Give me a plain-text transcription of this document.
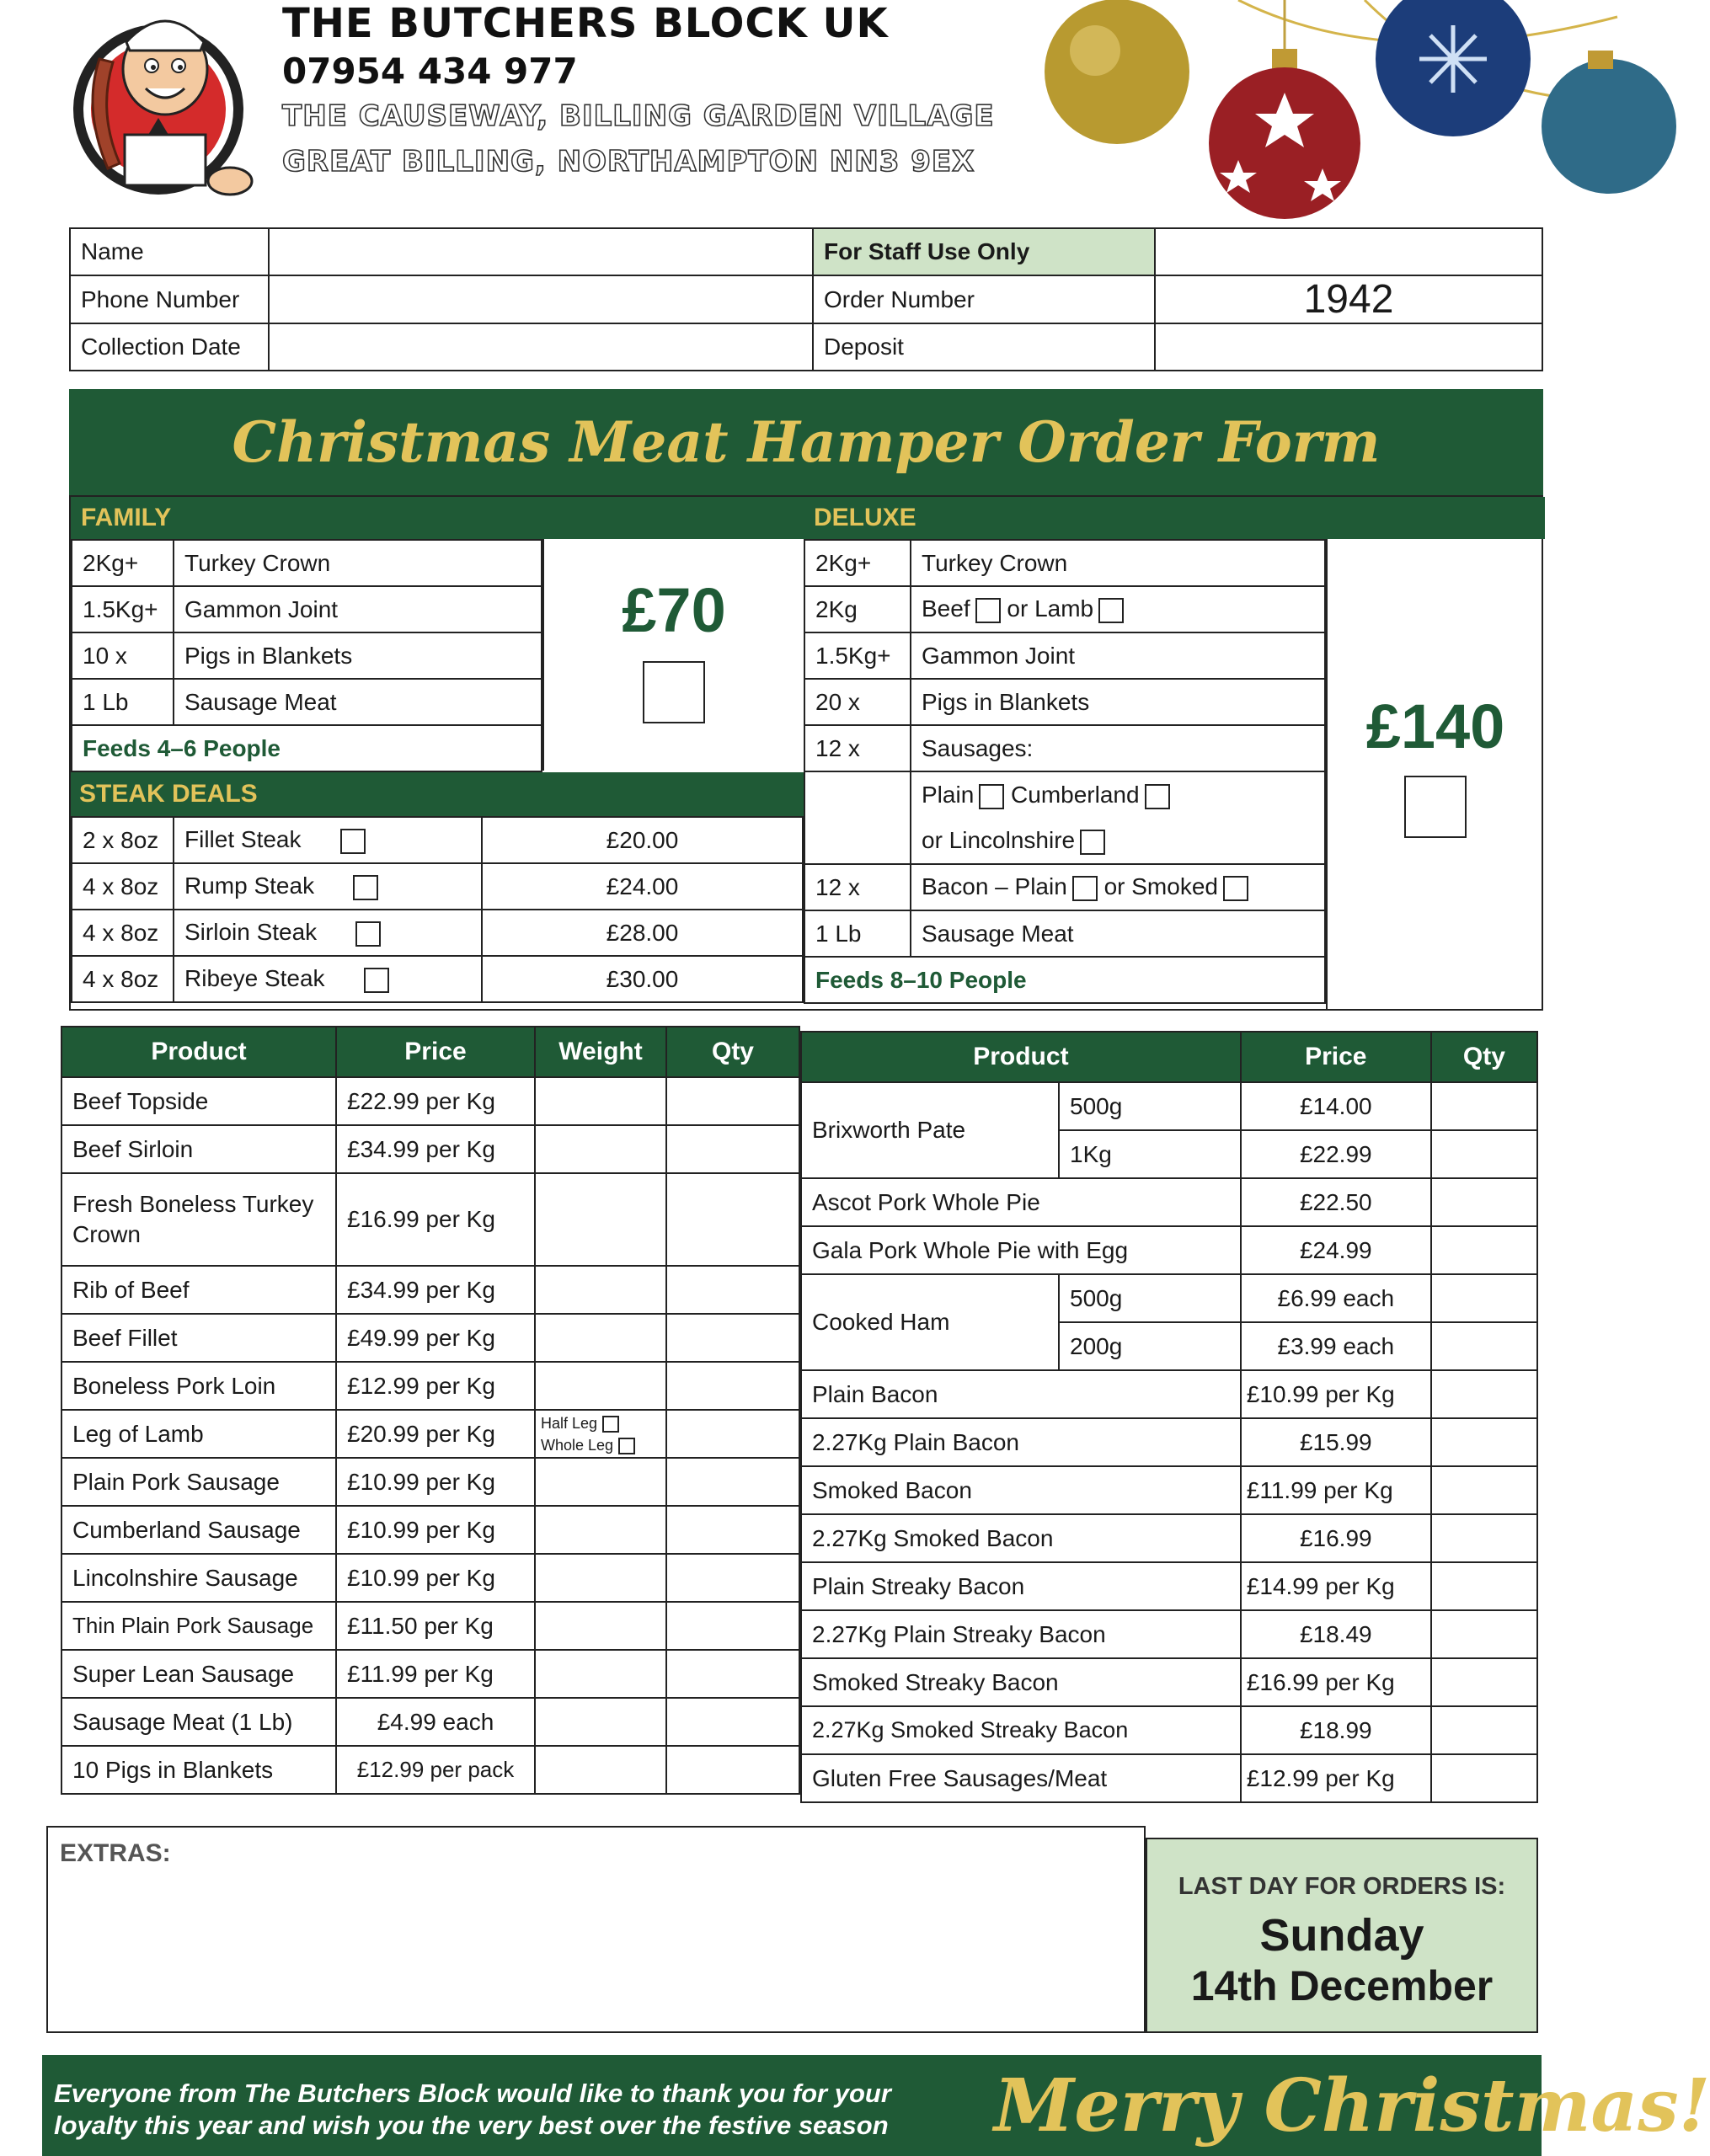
THE BUTCHERS BLOCK UK
07954 434 977
THE CAUSEWAY, BILLING GARDEN VILLAGE
GREAT BILLING, NORTHAMPTON NN3 9EX
Name		For Staff Use Only	
Phone Number		Order Number	1942
Collection Date		Deposit	
Christmas Meat Hamper Order Form
FAMILY
2Kg+	Turkey Crown
1.5Kg+	Gammon Joint
10 x	Pigs in Blankets
1 Lb	Sausage Meat
Feeds 4–6 People	
£70
STEAK DEALS
2 x 8oz	Fillet Steak	£20.00
4 x 8oz	Rump Steak	£24.00
4 x 8oz	Sirloin Steak	£28.00
4 x 8oz	Ribeye Steak	£30.00
DELUXE
2Kg+	Turkey Crown
2Kg	Beef or Lamb
1.5Kg+	Gammon Joint
20 x	Pigs in Blankets
12 x	Sausages:
	Plain Cumberland
or Lincolnshire
12 x	Bacon – Plain or Smoked
1 Lb	Sausage Meat
Feeds 8–10 People	
£140
Product	Price	Weight	Qty
Beef Topside	£22.99 per Kg		
Beef Sirloin	£34.99 per Kg		
Fresh Boneless Turkey Crown	£16.99 per Kg		
Rib of Beef	£34.99 per Kg		
Beef Fillet	£49.99 per Kg		
Boneless Pork Loin	£12.99 per Kg		
Leg of Lamb	£20.99 per Kg	Half Leg
Whole Leg	
Plain Pork Sausage	£10.99 per Kg		
Cumberland Sausage	£10.99 per Kg		
Lincolnshire Sausage	£10.99 per Kg		
Thin Plain Pork Sausage	£11.50 per Kg		
Super Lean Sausage	£11.99 per Kg		
Sausage Meat (1 Lb)	£4.99 each		
10 Pigs in Blankets	£12.99 per pack		
Product		Price	Qty
Brixworth Pate	500g	£14.00	
	1Kg	£22.99	
Ascot Pork Whole Pie		£22.50	
Gala Pork Whole Pie with Egg		£24.99	
Cooked Ham	500g	£6.99 each	
	200g	£3.99 each	
Plain Bacon		£10.99 per Kg	
2.27Kg Plain Bacon		£15.99	
Smoked Bacon		£11.99 per Kg	
2.27Kg Smoked Bacon		£16.99	
Plain Streaky Bacon		£14.99 per Kg	
2.27Kg Plain Streaky Bacon		£18.49	
Smoked Streaky Bacon		£16.99 per Kg	
2.27Kg Smoked Streaky Bacon		£18.99	
Gluten Free Sausages/Meat		£12.99 per Kg	
EXTRAS:
LAST DAY FOR ORDERS IS:
Sunday
14th December
Everyone from The Butchers Block would like to thank you for your
loyalty this year and wish you the very best over the festive season Merry Christmas!
